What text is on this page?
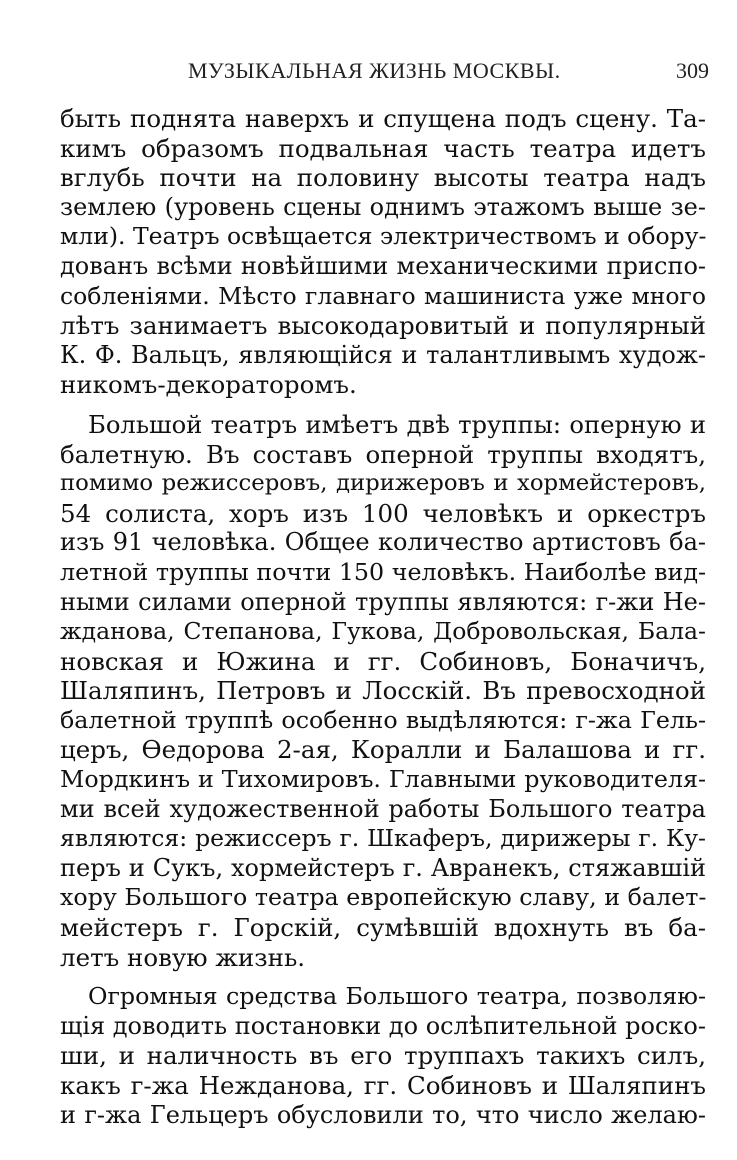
МУЗЫКАЛЬНАЯ ЖИЗНЬ МОСКВЫ.	309

быть поднята наверхъ и спущена подъ сцену. Та-
кимъ образомъ подвальная часть театра идетъ
вглубь почти на половину высоты театра надъ
землею (уровень сцены однимъ этажомъ выше зе-
мли). Театръ освѣщается электричествомъ и обору-
дованъ всѣми новѣйшими механическими приспо-
собленіями. Мѣсто главнаго машиниста уже много
лѣтъ занимаетъ высокодаровитый и популярный
К. Ф. Вальцъ, являющійся и талантливымъ худож-
никомъ-декораторомъ.

Большой театръ имѣетъ двѣ труппы: оперную и
балетную. Въ составъ оперной труппы входятъ,
помимо режиссеровъ, дирижеровъ и хормейстеровъ,
54 солиста, хоръ изъ 100 человѣкъ и оркестръ
изъ 91 человѣка. Общее количество артистовъ ба-
летной труппы почти 150 человѣкъ. Наиболѣе вид-
ными силами оперной труппы являются: г-жи Не-
жданова, Степанова, Гукова, Добровольская, Бала-
новская и Южина и гг. Собиновъ, Боначичъ,
Шаляпинъ, Петровъ и Лосскій. Въ превосходной
балетной труппѣ особенно выдѣляются: г-жа Гель-
церъ, Өедорова 2-ая, Коралли и Балашова и гг.
Мордкинъ и Тихомировъ. Главными руководителя-
ми всей художественной работы Большого театра
являются: режиссеръ г. Шкаферъ, дирижеры г. Ку-
перъ и Сукъ, хормейстеръ г. Авранекъ, стяжавшій
хору Большого театра европейскую славу, и балет-
мейстеръ г. Горскій, сумѣвшій вдохнуть въ ба-
летъ новую жизнь.

Огромныя средства Большого театра, позволяю-
щія доводить постановки до ослѣпительной роско-
ши, и наличность въ его труппахъ такихъ силъ,
какъ г-жа Нежданова, гг. Собиновъ и Шаляпинъ
и г-жа Гельцеръ обусловили то, что число желаю-
